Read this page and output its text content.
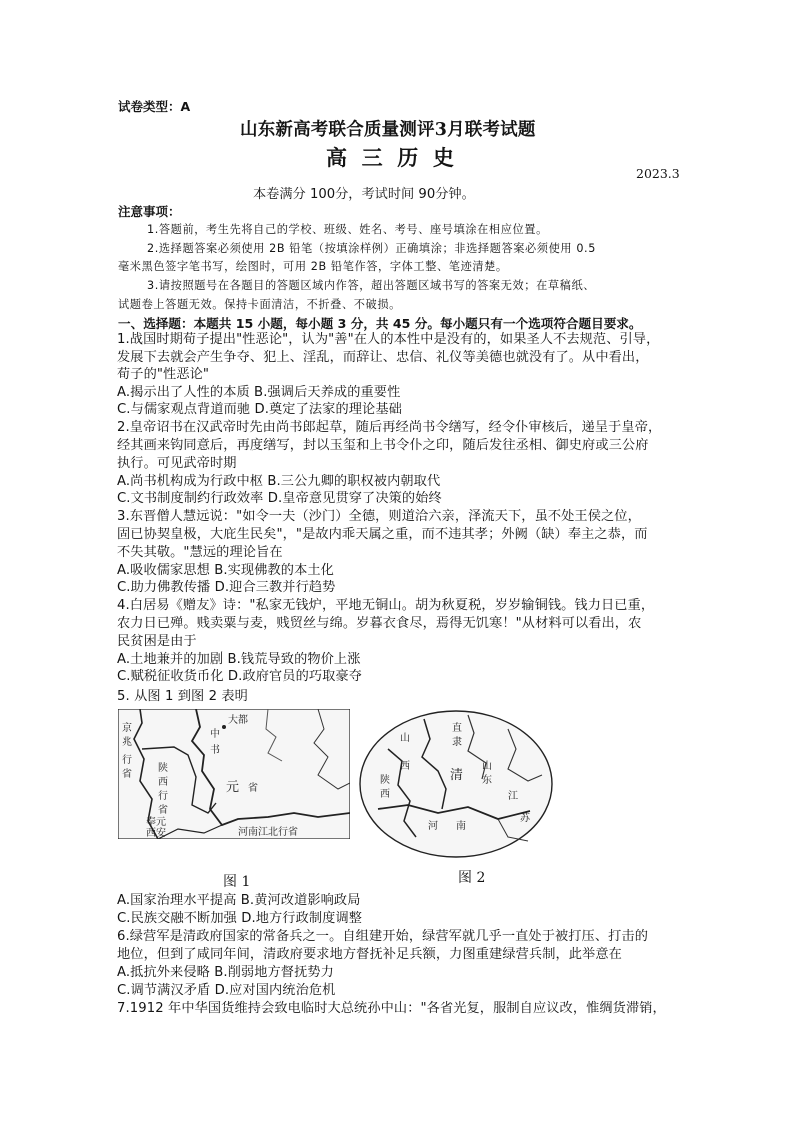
试卷类型：A
山东新高考联合质量测评3月联考试题
高  三  历  史
2023.3
本卷满分 100分，考试时间 90分钟。
注意事项：
1.答题前，考生先将自己的学校、班级、姓名、考号、座号填涂在相应位置。
2.选择题答案必须使用 2B 铅笔（按填涂样例）正确填涂；非选择题答案必须使用 0.5
毫米黑色签字笔书写，绘图时，可用 2B 铅笔作答，字体工整、笔迹清楚。
3.请按照题号在各题目的答题区域内作答，超出答题区域书写的答案无效；在草稿纸、
试题卷上答题无效。保持卡面清洁，不折叠、不破损。
一、选择题：本题共 15 小题，每小题 3 分，共 45 分。每小题只有一个选项符合题目要求。
1.战国时期荀子提出"性恶论"，认为"善"在人的本性中是没有的，如果圣人不去规范、引导，
发展下去就会产生争夺、犯上、淫乱，而辞让、忠信、礼仪等美德也就没有了。从中看出，
荀子的"性恶论"
A.揭示出了人性的本质 B.强调后天养成的重要性
C.与儒家观点背道而驰 D.奠定了法家的理论基础
2.皇帝诏书在汉武帝时先由尚书郎起草，随后再经尚书令缮写，经令仆审核后，递呈于皇帝，
经其画来钩同意后，再度缮写，封以玉玺和上书令仆之印，随后发往丞相、御史府或三公府
执行。可见武帝时期
A.尚书机构成为行政中枢 B.三公九卿的职权被内朝取代
C.文书制度制约行政效率 D.皇帝意见贯穿了决策的始终
3.东晋僧人慧远说："如令一夫（沙门）全德，则道洽六亲，泽流天下，虽不处王侯之位，
固已协契皇极，大庇生民矣"，"是故内乖天属之重，而不违其孝；外阙（缺）奉主之恭，而
不失其敬。"慧远的理论旨在
A.吸收儒家思想 B.实现佛教的本土化
C.助力佛教传播 D.迎合三教并行趋势
4.白居易《赠友》诗："私家无钱炉，平地无铜山。胡为秋夏税，岁岁输铜钱。钱力日已重，
农力日已殚。贱卖粟与麦，贱贸丝与绵。岁暮衣食尽，焉得无饥寒！"从材料可以看出，农
民贫困是由于
A.土地兼并的加剧 B.钱荒导致的物价上涨
C.赋税征收货币化 D.政府官员的巧取豪夺
5. 从图 1 到图 2 表明
京
兆
行
省
陕
西
行
省
中
书
大都
元 省
奉元
西安	河南江北行省
图 1
山
西
直
隶
山
东
清
陕
西
河 南
江
苏
图 2
A.国家治理水平提高 B.黄河改道影响政局
C.民族交融不断加强 D.地方行政制度调整
6.绿营军是清政府国家的常备兵之一。自组建开始，绿营军就几乎一直处于被打压、打击的
地位，但到了咸同年间，清政府要求地方督抚补足兵额，力图重建绿营兵制，此举意在
A.抵抗外来侵略 B.削弱地方督抚势力
C.调节满汉矛盾 D.应对国内统治危机
7.1912 年中华国货维持会致电临时大总统孙中山："各省光复，服制自应议改，惟绸货滞销，
